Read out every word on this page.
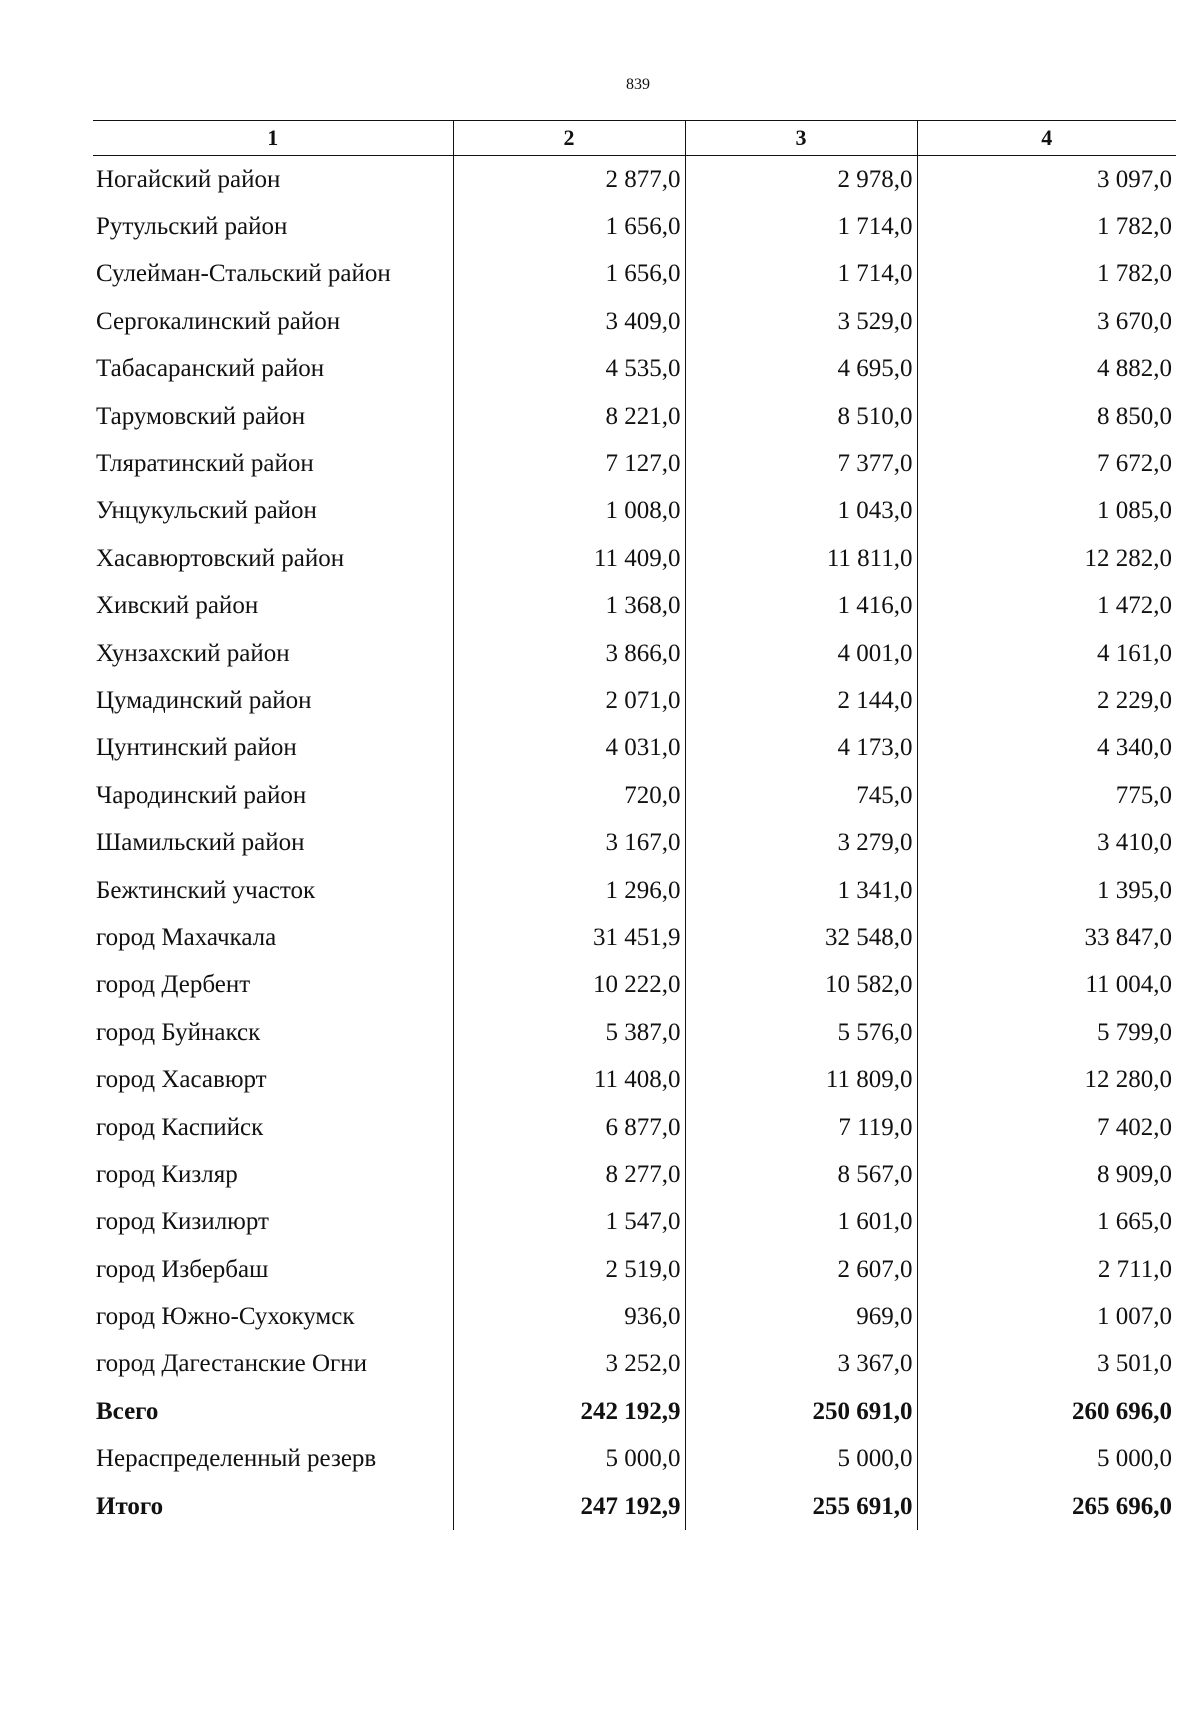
839
1	2	3	4
Ногайский район	2 877,0	2 978,0	3 097,0
Рутульский район	1 656,0	1 714,0	1 782,0
Сулейман-Стальский район	1 656,0	1 714,0	1 782,0
Сергокалинский район	3 409,0	3 529,0	3 670,0
Табасаранский район	4 535,0	4 695,0	4 882,0
Тарумовский район	8 221,0	8 510,0	8 850,0
Тляратинский район	7 127,0	7 377,0	7 672,0
Унцукульский район	1 008,0	1 043,0	1 085,0
Хасавюртовский район	11 409,0	11 811,0	12 282,0
Хивский район	1 368,0	1 416,0	1 472,0
Хунзахский район	3 866,0	4 001,0	4 161,0
Цумадинский район	2 071,0	2 144,0	2 229,0
Цунтинский район	4 031,0	4 173,0	4 340,0
Чародинский район	720,0	745,0	775,0
Шамильский район	3 167,0	3 279,0	3 410,0
Бежтинский участок	1 296,0	1 341,0	1 395,0
город Махачкала	31 451,9	32 548,0	33 847,0
город Дербент	10 222,0	10 582,0	11 004,0
город Буйнакск	5 387,0	5 576,0	5 799,0
город Хасавюрт	11 408,0	11 809,0	12 280,0
город Каспийск	6 877,0	7 119,0	7 402,0
город Кизляр	8 277,0	8 567,0	8 909,0
город Кизилюрт	1 547,0	1 601,0	1 665,0
город Избербаш	2 519,0	2 607,0	2 711,0
город Южно-Сухокумск	936,0	969,0	1 007,0
город Дагестанские Огни	3 252,0	3 367,0	3 501,0
Всего	242 192,9	250 691,0	260 696,0
Нераспределенный резерв	5 000,0	5 000,0	5 000,0
Итого	247 192,9	255 691,0	265 696,0
